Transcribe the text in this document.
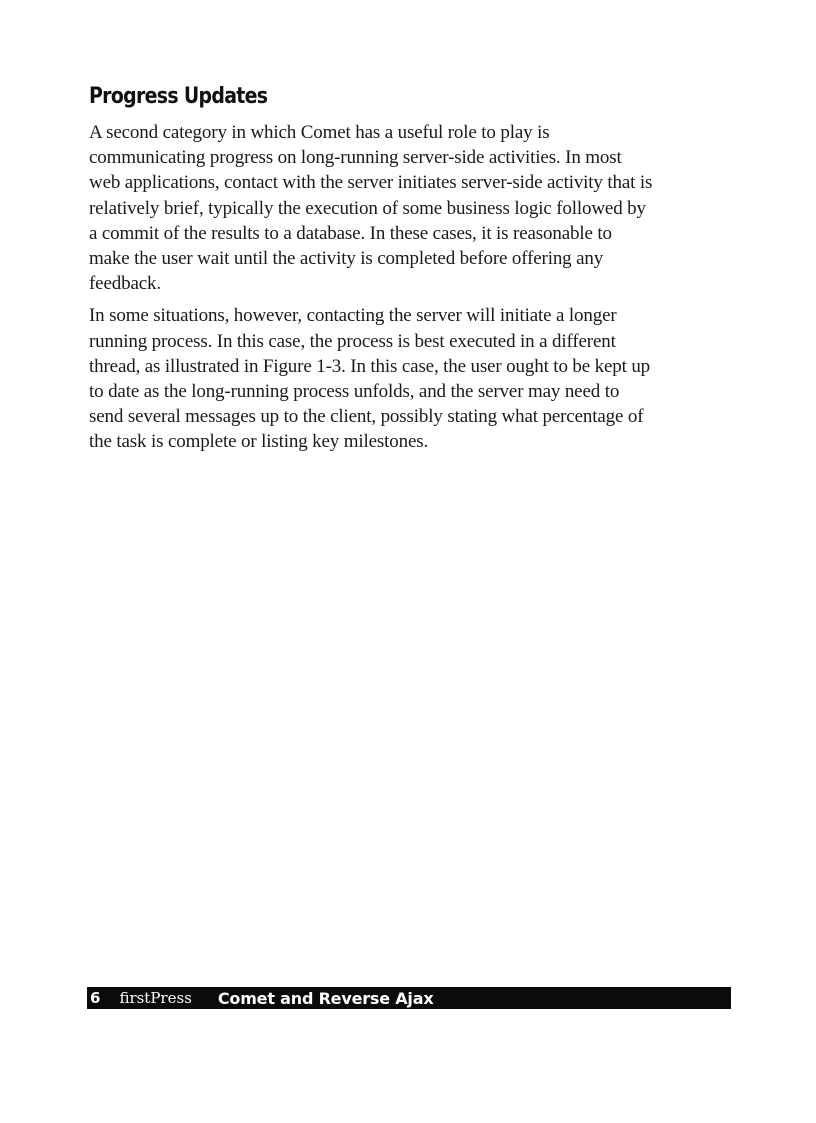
Progress Updates

A second category in which Comet has a useful role to play is
communicating progress on long-running server-side activities. In most
web applications, contact with the server initiates server-side activity that is
relatively brief, typically the execution of some business logic followed by
a commit of the results to a database. In these cases, it is reasonable to
make the user wait until the activity is completed before offering any
feedback.

In some situations, however, contacting the server will initiate a longer
running process. In this case, the process is best executed in a different
thread, as illustrated in Figure 1-3. In this case, the user ought to be kept up
to date as the long-running process unfolds, and the server may need to
send several messages up to the client, possibly stating what percentage of
the task is complete or listing key milestones.

6 firstPress Comet and Reverse Ajax
